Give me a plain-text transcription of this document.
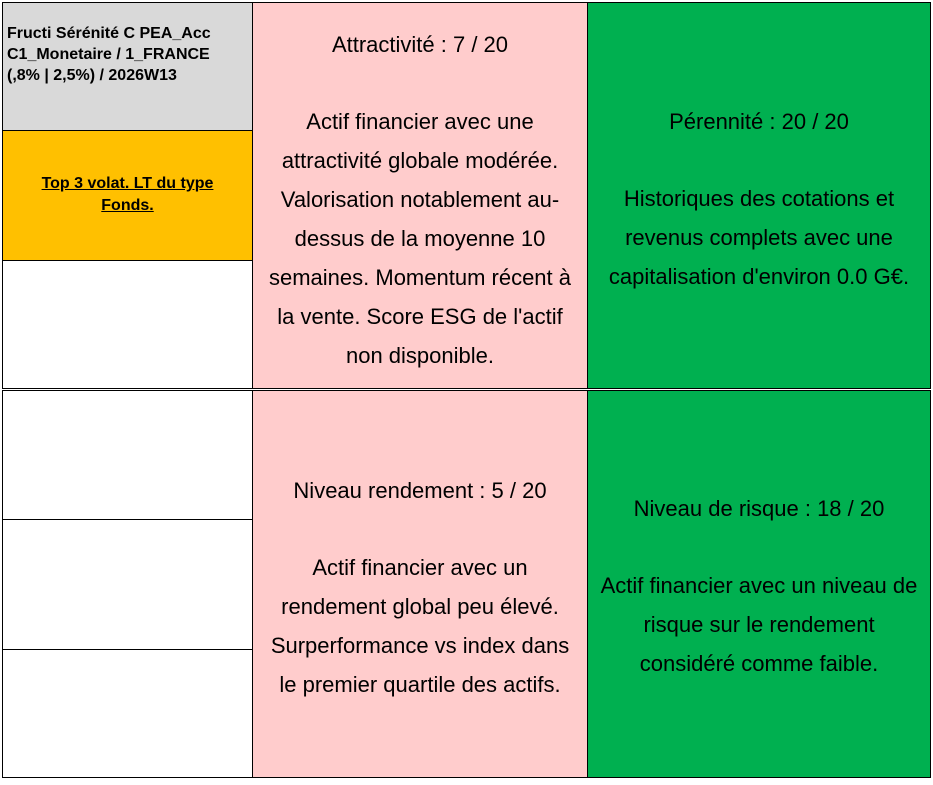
Fructi Sérénité C PEA_Acc
C1_Monetaire / 1_FRANCE
(,8% | 2,5%) / 2026W13
Top 3 volat. LT du type
Fonds.
Attractivité : 7 / 20
Actif financier avec une
attractivité globale modérée.
Valorisation notablement au-
dessus de la moyenne 10
semaines. Momentum récent à
la vente. Score ESG de l'actif
non disponible.
Pérennité : 20 / 20
Historiques des cotations et
revenus complets avec une
capitalisation d'environ 0.0 G€.
Niveau rendement : 5 / 20
Actif financier avec un
rendement global peu élevé.
Surperformance vs index dans
le premier quartile des actifs.
Niveau de risque : 18 / 20
Actif financier avec un niveau de
risque sur le rendement
considéré comme faible.
